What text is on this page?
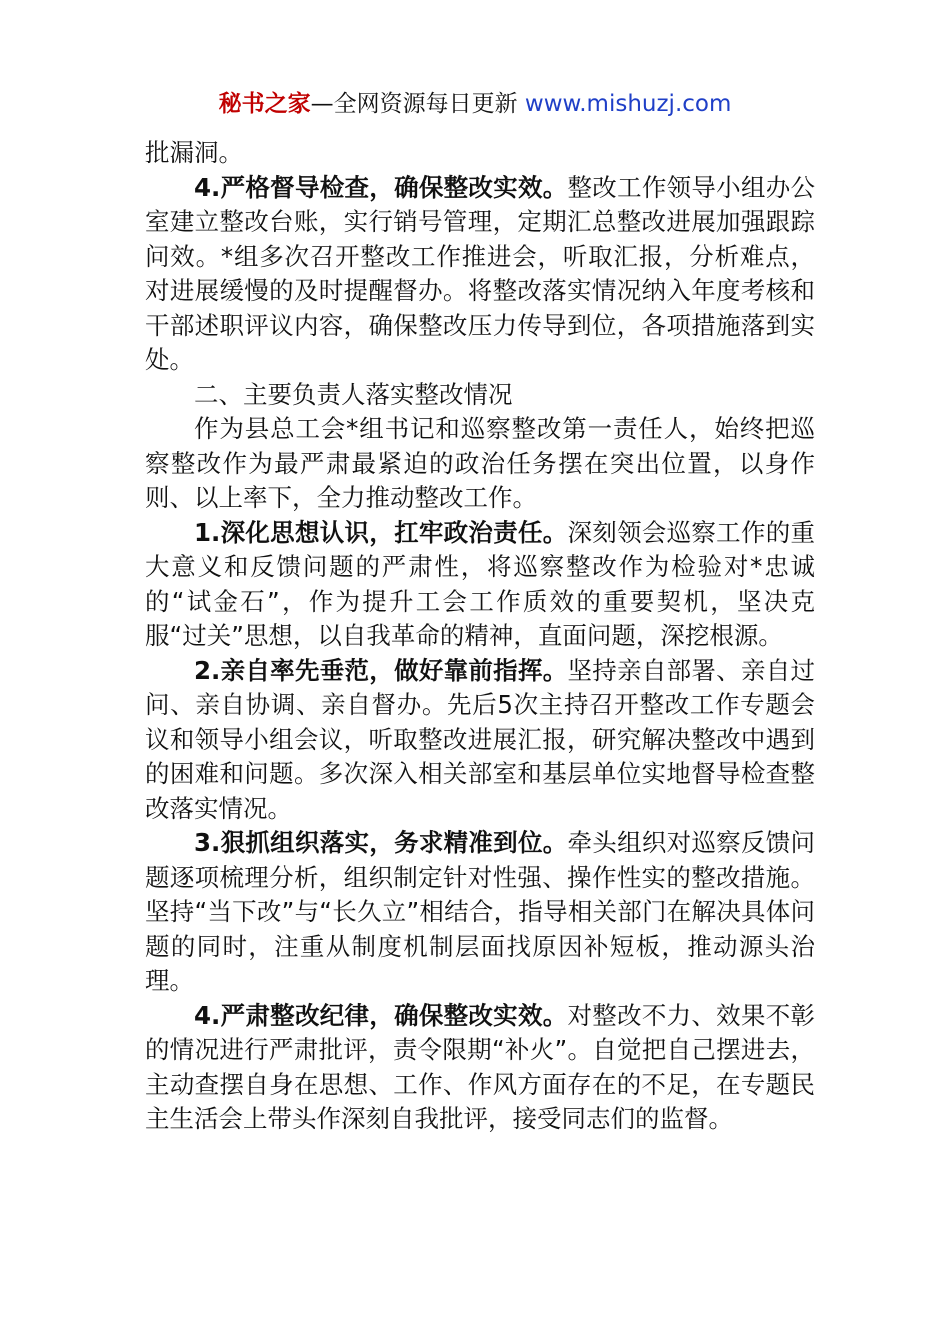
秘书之家—全网资源每日更新 www.mishuzj.com

批漏洞。

4.严格督导检查，确保整改实效。整改工作领导小组办公室建立整改台账，实行销号管理，定期汇总整改进展加强跟踪问效。*组多次召开整改工作推进会，听取汇报，分析难点，对进展缓慢的及时提醒督办。将整改落实情况纳入年度考核和干部述职评议内容，确保整改压力传导到位，各项措施落到实处。

二、主要负责人落实整改情况

作为县总工会*组书记和巡察整改第一责任人，始终把巡察整改作为最严肃最紧迫的政治任务摆在突出位置，以身作则、以上率下，全力推动整改工作。

1.深化思想认识，扛牢政治责任。深刻领会巡察工作的重大意义和反馈问题的严肃性，将巡察整改作为检验对*忠诚的“试金石”，作为提升工会工作质效的重要契机，坚决克服“过关”思想，以自我革命的精神，直面问题，深挖根源。

2.亲自率先垂范，做好靠前指挥。坚持亲自部署、亲自过问、亲自协调、亲自督办。先后5次主持召开整改工作专题会议和领导小组会议，听取整改进展汇报，研究解决整改中遇到的困难和问题。多次深入相关部室和基层单位实地督导检查整改落实情况。

3.狠抓组织落实，务求精准到位。牵头组织对巡察反馈问题逐项梳理分析，组织制定针对性强、操作性实的整改措施。坚持“当下改”与“长久立”相结合，指导相关部门在解决具体问题的同时，注重从制度机制层面找原因补短板，推动源头治理。

4.严肃整改纪律，确保整改实效。对整改不力、效果不彰的情况进行严肃批评，责令限期“补火”。自觉把自己摆进去，主动查摆自身在思想、工作、作风方面存在的不足，在专题民主生活会上带头作深刻自我批评，接受同志们的监督。
